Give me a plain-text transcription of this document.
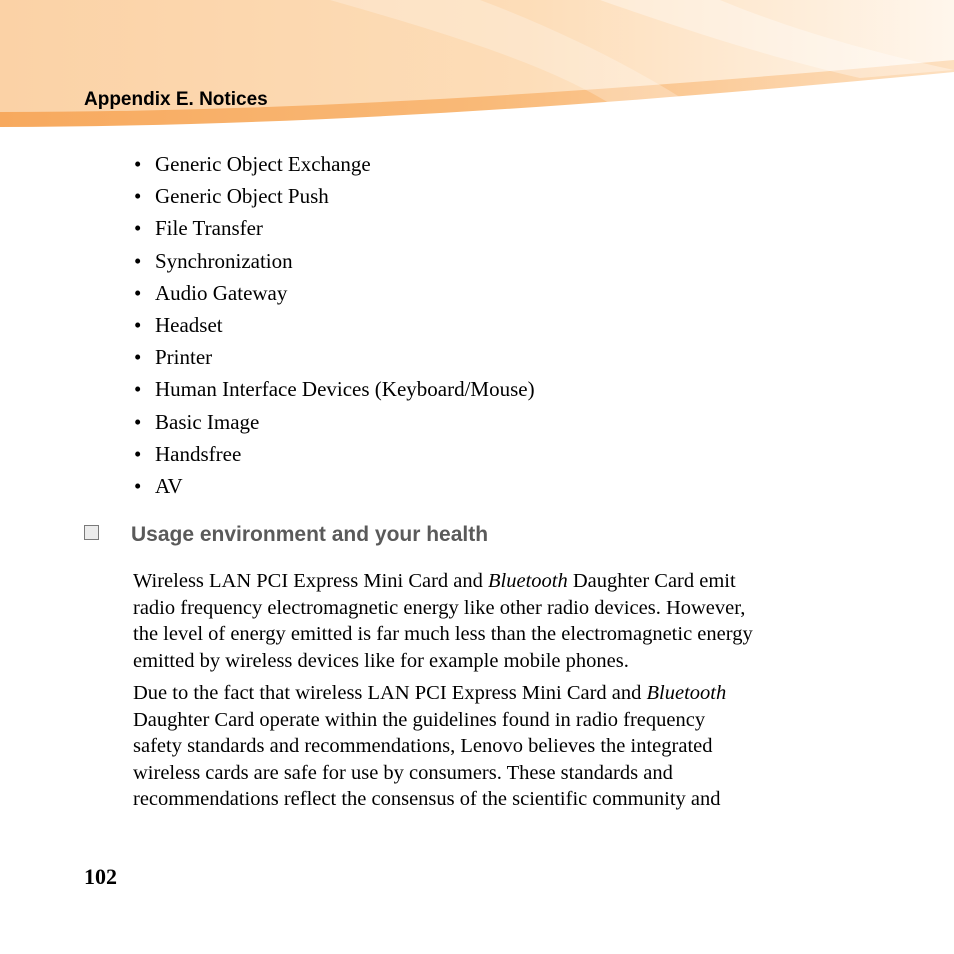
Appendix E. Notices
• Generic Object Exchange
• Generic Object Push
• File Transfer
• Synchronization
• Audio Gateway
• Headset
• Printer
• Human Interface Devices (Keyboard/Mouse)
• Basic Image
• Handsfree
• AV
Usage environment and your health

Wireless LAN PCI Express Mini Card and Bluetooth Daughter Card emit
radio frequency electromagnetic energy like other radio devices. However,
the level of energy emitted is far much less than the electromagnetic energy
emitted by wireless devices like for example mobile phones.

Due to the fact that wireless LAN PCI Express Mini Card and Bluetooth
Daughter Card operate within the guidelines found in radio frequency
safety standards and recommendations, Lenovo believes the integrated
wireless cards are safe for use by consumers. These standards and
recommendations reflect the consensus of the scientific community and

102
